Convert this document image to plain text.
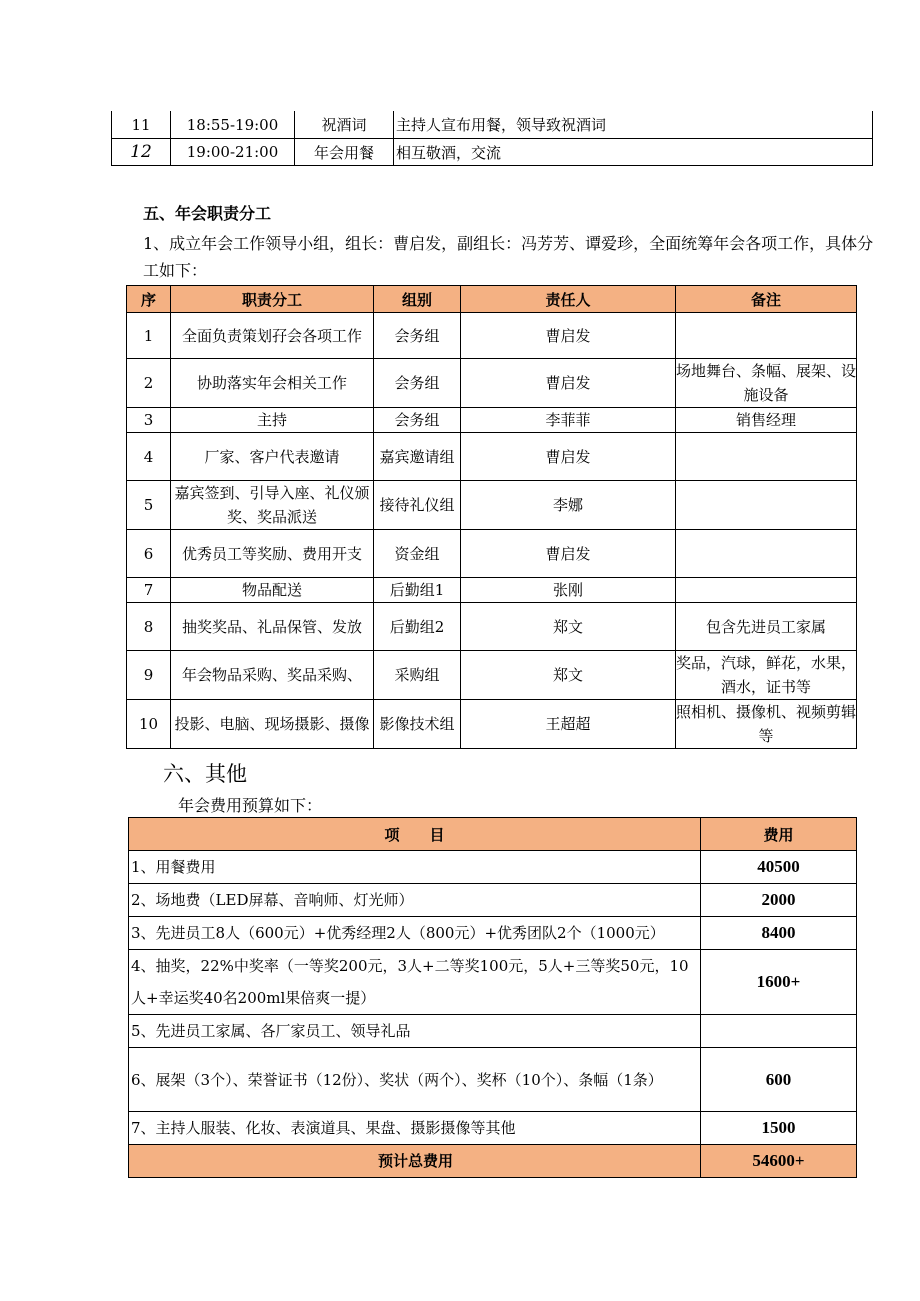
11	18:55-19:00	祝酒词	主持人宣布用餐，领导致祝酒词
12	19:00-21:00	年会用餐	相互敬酒，交流
五、年会职责分工
1、成立年会工作领导小组，组长：曹启发，副组长：冯芳芳、谭爱珍，全面统筹年会各项工作，具体分工如下：
序	职责分工	组别	责任人	备注
1	全面负责策划孖会各项工作	会务组	曹启发	
2	协助落实年会相关工作	会务组	曹启发	场地舞台、条幅、展架、设施设备
3	主持	会务组	李菲菲	销售经理
4	厂家、客户代表邀请	嘉宾邀请组	曹启发	
5	嘉宾签到、引导入座、礼仪颁奖、奖品派送	接待礼仪组	李娜	
6	优秀员工等奖励、费用开支	资金组	曹启发	
7	物品配送	后勤组1	张刚	
8	抽奖奖品、礼品保管、发放	后勤组2	郑文	包含先进员工家属
9	年会物品采购、奖品采购、	采购组	郑文	奖品，汽球，鲜花，水果，酒水，证书等
10	投影、电脑、现场摄影、摄像	影像技术组	王超超	照相机、摄像机、视频剪辑等
六、其他
年会费用预算如下：
项　　目	费用
1、用餐费用	40500
2、场地费（LED屏幕、音响师、灯光师）	2000
3、先进员工8人（600元）+优秀经理2人（800元）+优秀团队2个（1000元）	8400
4、抽奖，22%中奖率（一等奖200元，3人+二等奖100元，5人+三等奖50元，10人+幸运奖40名200ml果倍爽一提）	1600+
5、先进员工家属、各厂家员工、领导礼品	
6、展架（3个）、荣誉证书（12份）、奖状（两个）、奖杯（10个）、条幅（1条）	600
7、主持人服装、化妆、表演道具、果盘、摄影摄像等其他	1500
预计总费用	54600+
